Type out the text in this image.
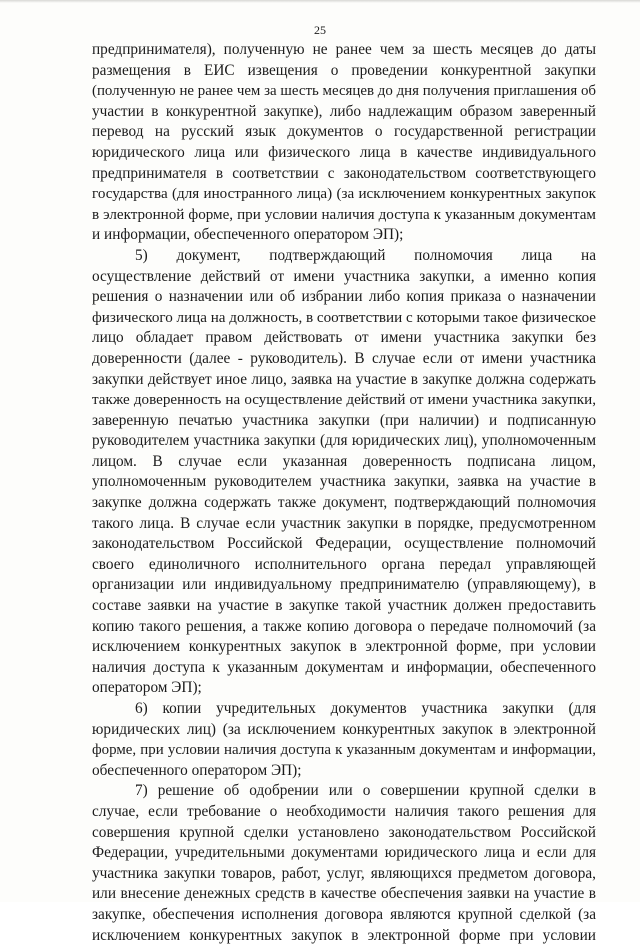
25
предпринимателя), полученную не ранее чем за шесть месяцев до даты
размещения в ЕИС извещения о проведении конкурентной закупки
(полученную не ранее чем за шесть месяцев до дня получения приглашения об
участии в конкурентной закупке), либо надлежащим образом заверенный
перевод на русский язык документов о государственной регистрации
юридического лица или физического лица в качестве индивидуального
предпринимателя в соответствии с законодательством соответствующего
государства (для иностранного лица) (за исключением конкурентных закупок
в электронной форме, при условии наличия доступа к указанным документам
и информации, обеспеченного оператором ЭП);
5) документ, подтверждающий полномочия лица на
осуществление действий от имени участника закупки, а именно копия
решения о назначении или об избрании либо копия приказа о назначении
физического лица на должность, в соответствии с которыми такое физическое
лицо обладает правом действовать от имени участника закупки без
доверенности (далее - руководитель). В случае если от имени участника
закупки действует иное лицо, заявка на участие в закупке должна содержать
также доверенность на осуществление действий от имени участника закупки,
заверенную печатью участника закупки (при наличии) и подписанную
руководителем участника закупки (для юридических лиц), уполномоченным
лицом. В случае если указанная доверенность подписана лицом,
уполномоченным руководителем участника закупки, заявка на участие в
закупке должна содержать также документ, подтверждающий полномочия
такого лица. В случае если участник закупки в порядке, предусмотренном
законодательством Российской Федерации, осуществление полномочий
своего единоличного исполнительного органа передал управляющей
организации или индивидуальному предпринимателю (управляющему), в
составе заявки на участие в закупке такой участник должен предоставить
копию такого решения, а также копию договора о передаче полномочий (за
исключением конкурентных закупок в электронной форме, при условии
наличия доступа к указанным документам и информации, обеспеченного
оператором ЭП);
6) копии учредительных документов участника закупки (для
юридических лиц) (за исключением конкурентных закупок в электронной
форме, при условии наличия доступа к указанным документам и информации,
обеспеченного оператором ЭП);
7) решение об одобрении или о совершении крупной сделки в
случае, если требование о необходимости наличия такого решения для
совершения крупной сделки установлено законодательством Российской
Федерации, учредительными документами юридического лица и если для
участника закупки товаров, работ, услуг, являющихся предметом договора,
или внесение денежных средств в качестве обеспечения заявки на участие в
закупке, обеспечения исполнения договора являются крупной сделкой (за
исключением конкурентных закупок в электронной форме при условии
